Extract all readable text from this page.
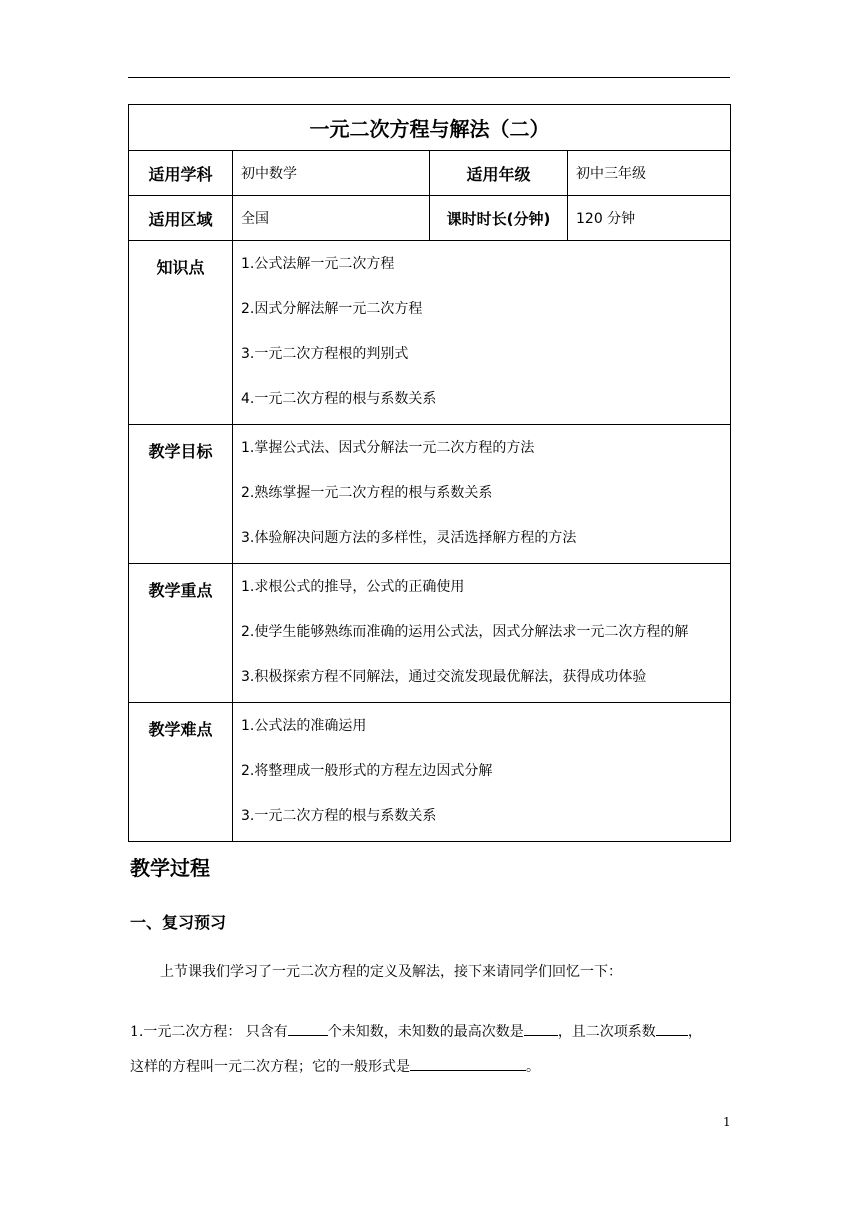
一元二次方程与解法（二）			
适用学科	初中数学	适用年级	初中三年级
适用区域	全国	课时时长(分钟)	120 分钟
知识点	1.公式法解一元二次方程
2.因式分解法解一元二次方程
3.一元二次方程根的判别式
4.一元二次方程的根与系数关系		

教学目标	1.掌握公式法、因式分解法一元二次方程的方法
2.熟练掌握一元二次方程的根与系数关系
3.体验解决问题方法的多样性，灵活选择解方程的方法		

教学重点	1.求根公式的推导，公式的正确使用
2.使学生能够熟练而准确的运用公式法，因式分解法求一元二次方程的解
3.积极探索方程不同解法，通过交流发现最优解法，获得成功体验		

教学难点	1.公式法的准确运用
2.将整理成一般形式的方程左边因式分解
3.一元二次方程的根与系数关系		
教学过程
一、复习预习
上节课我们学习了一元二次方程的定义及解法，接下来请同学们回忆一下：
1.一元二次方程： 只含有	个未知数，未知数的最高次数是 ，且二次项系数 ，
这样的方程叫一元二次方程；它的一般形式是	。
1
